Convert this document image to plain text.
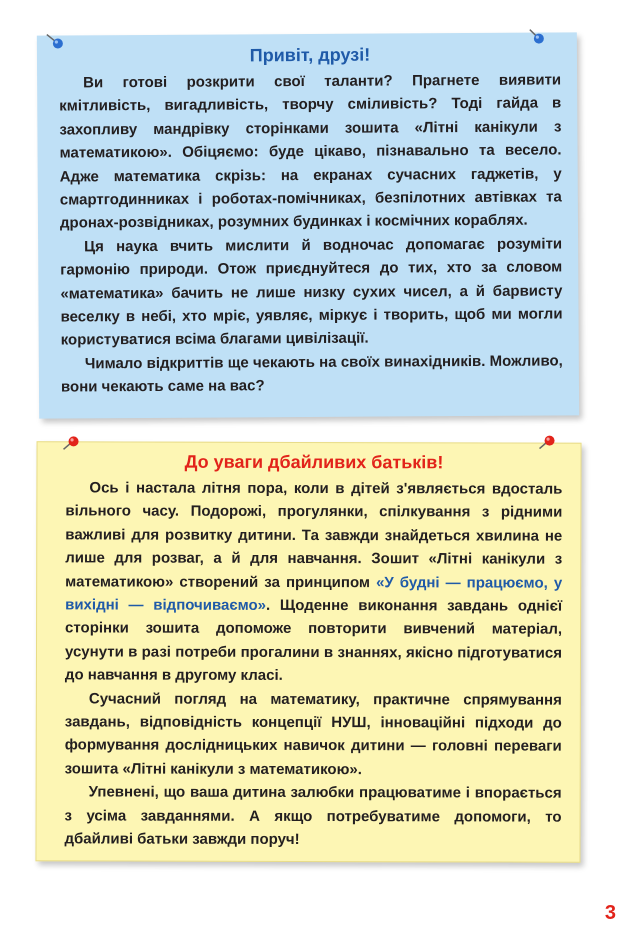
Привіт, друзі!

Ви готові розкрити свої таланти? Прагнете виявити кмітливість, вигадливість, творчу сміливість? Тоді гайда в захопливу мандрівку сторінками зошита «Літні канікули з математикою». Обіцяємо: буде цікаво, пізнавально та весело. Адже математика скрізь: на екранах сучасних гаджетів, у смартгодинниках і роботах-помічниках, безпілотних автівках та дронах-розвідниках, розумних будинках і космічних кораблях.

Ця наука вчить мислити й водночас допомагає розуміти гармонію природи. Отож приєднуйтеся до тих, хто за словом «математика» бачить не лише низку сухих чисел, а й барвисту веселку в небі, хто мріє, уявляє, міркує і творить, щоб ми могли користуватися всіма благами цивілізації.

Чимало відкриттів ще чекають на своїх винахідників. Можливо, вони чекають саме на вас?

До уваги дбайливих батьків!

Ось і настала літня пора, коли в дітей з'являється вдосталь вільного часу. Подорожі, прогулянки, спілкування з рідними важливі для розвитку дитини. Та завжди знайдеться хвилина не лише для розваг, а й для навчання. Зошит «Літні канікули з математикою» створений за принципом «У будні — працюємо, у вихідні — відпочиваємо». Щоденне виконання завдань однієї сторінки зошита допоможе повторити вивчений матеріал, усунути в разі потреби прогалини в знаннях, якісно підготуватися до навчання в другому класі.

Сучасний погляд на математику, практичне спрямування завдань, відповідність концепції НУШ, інноваційні підходи до формування дослідницьких навичок дитини — головні переваги зошита «Літні канікули з математикою».

Упевнені, що ваша дитина залюбки працюватиме і впорається з усіма завданнями. А якщо потребуватиме допомоги, то дбайливі батьки завжди поруч!

3
